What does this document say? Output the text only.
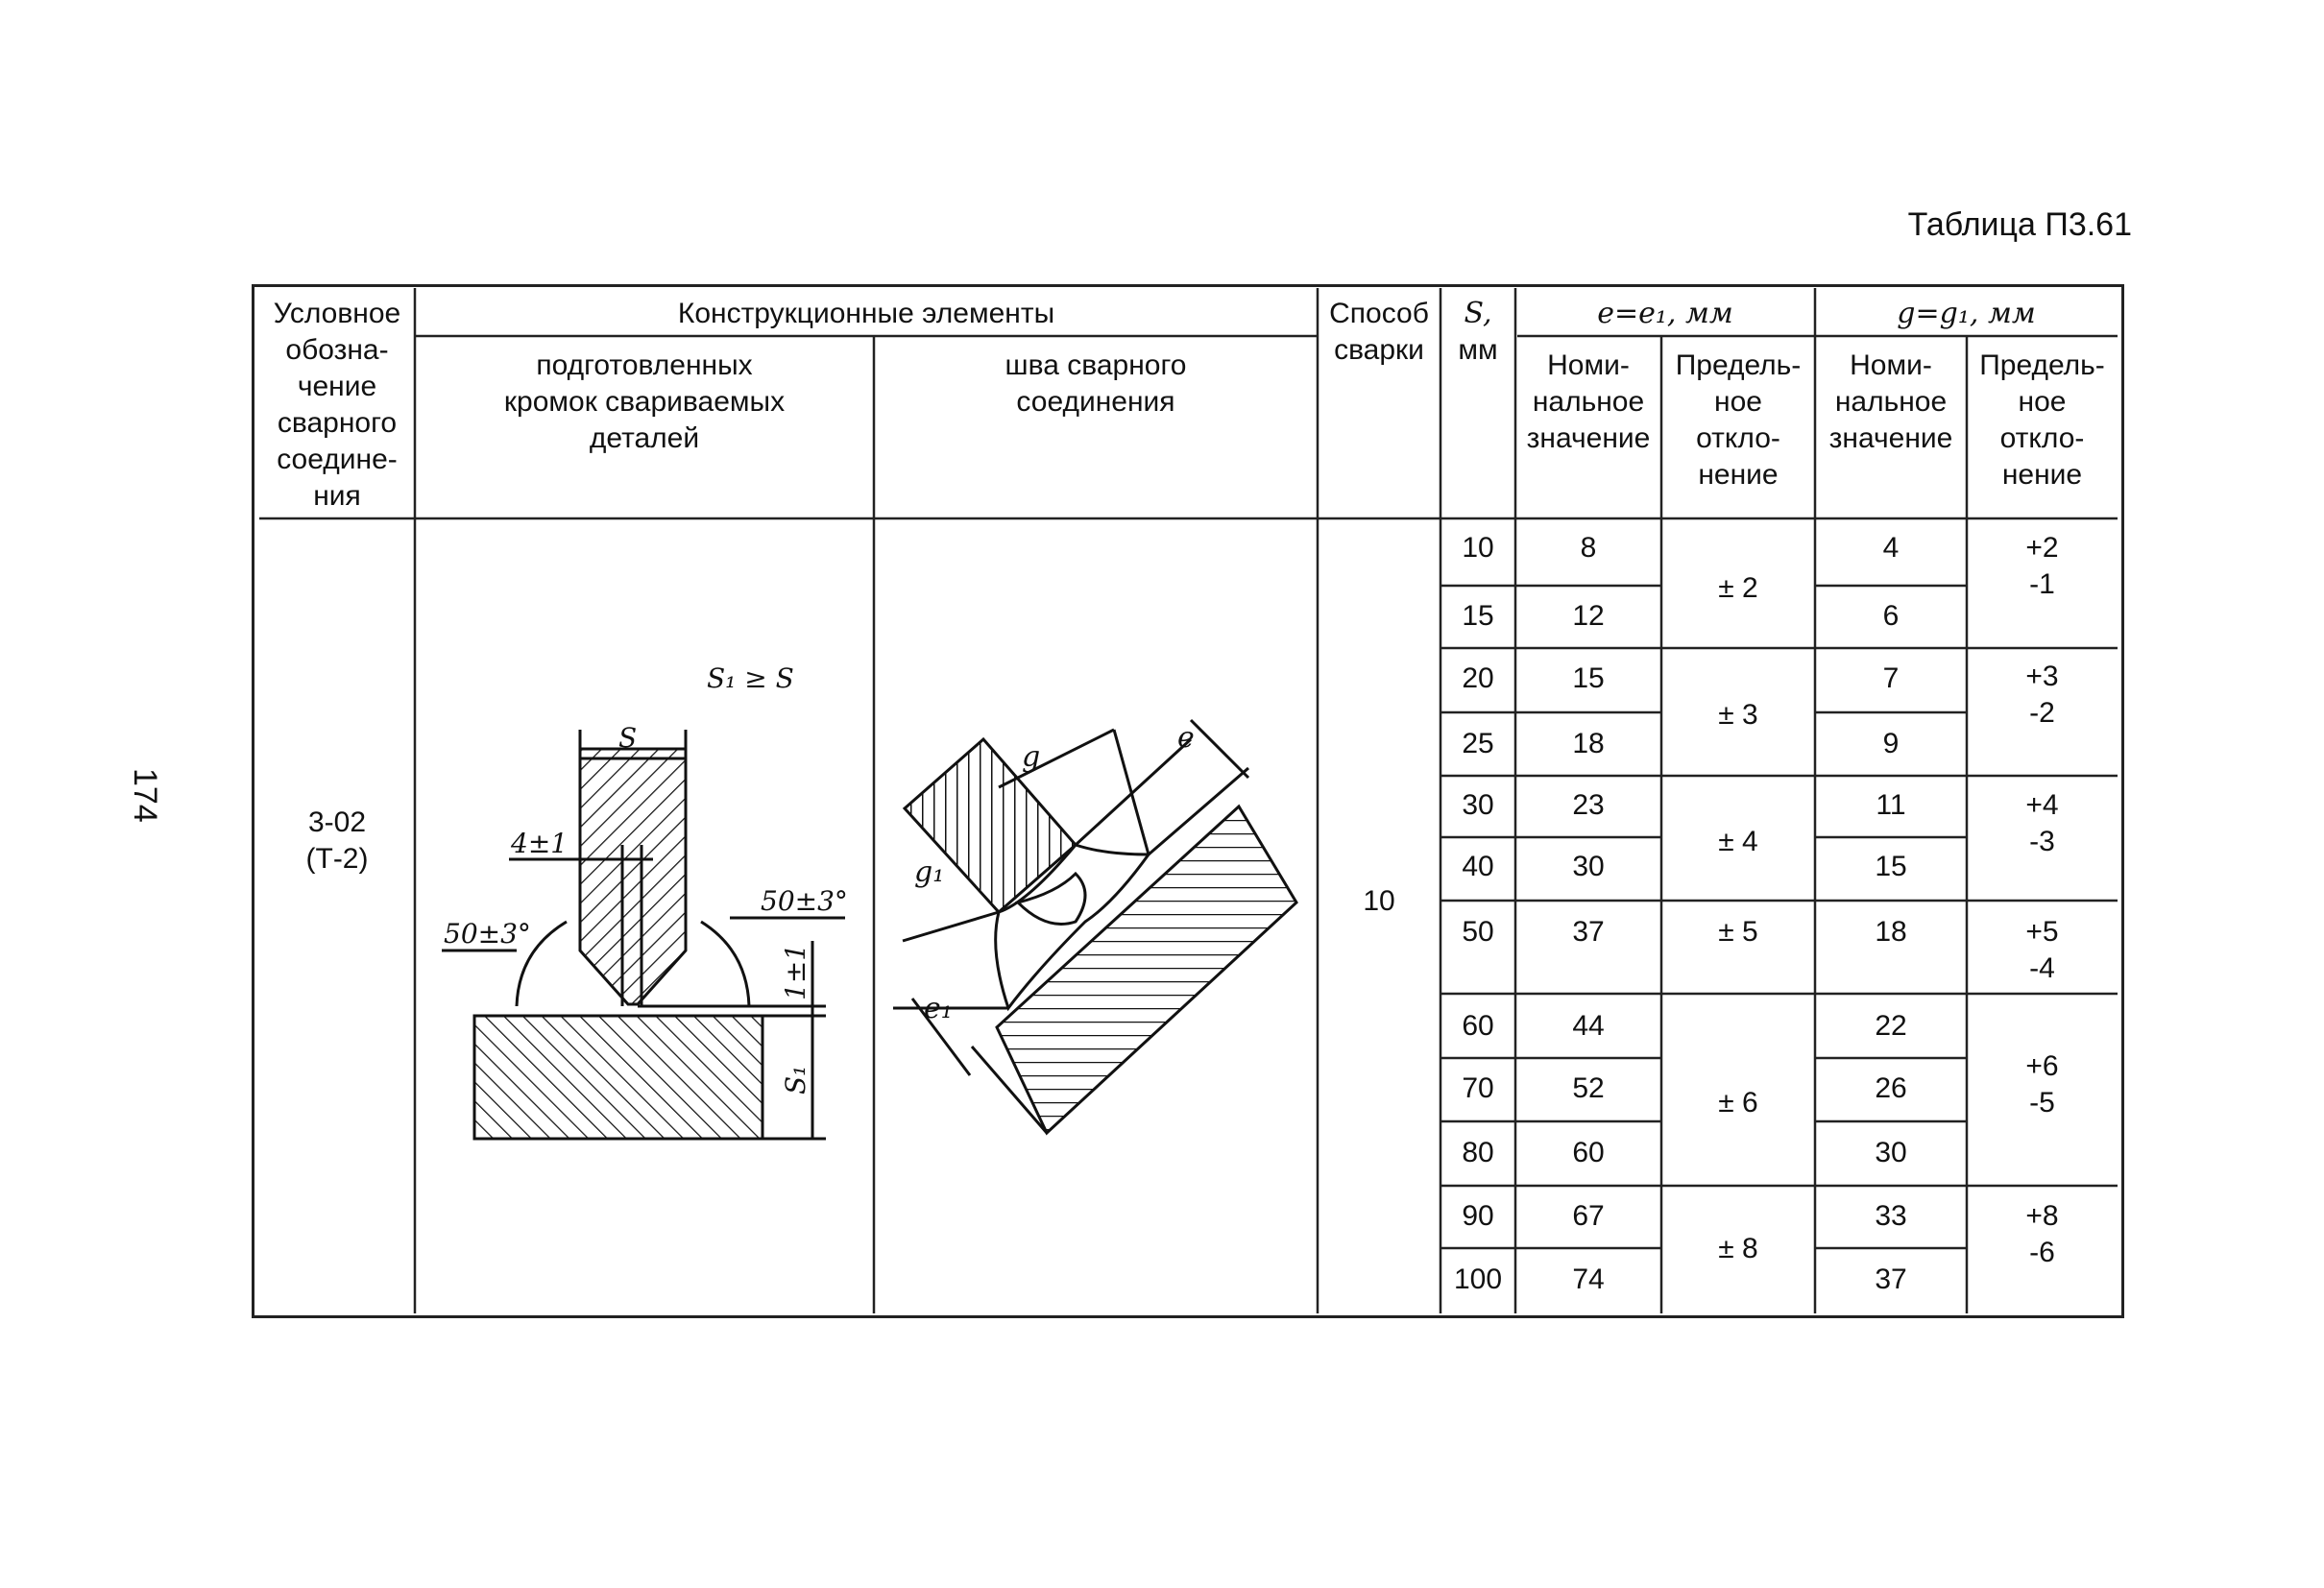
Таблица П3.61
174
Условное
обозна-
чение
сварного
соедине-
ния
Конструкционные элементы
подготовленных
кромок свариваемых
деталей
шва сварного
соединения
Способ
сварки
S,
мм
e=e₁, мм	g=g₁, мм
Номи-
нальное
значение
Предель-
ное
откло-
нение
Номи-
нальное
значение
Предель-
ное
откло-
нение
3-02
(Т-2)
10
10
15
20
25
30
40
50
60
70
80
90
100
8
12
15
18
23
30
37
44
52
60
67
74
± 2
± 3
± 4
± 5
± 6
± 8
4
6
7
9
11
15
18
22
26
30
33
37
+2
-1
+3
-2
+4
-3
+5
-4
+6
-5
+8
-6
S₁ ≥ S
S
4±1
50±3°
50±3°
1±1
S₁
e
g
g₁
e₁
